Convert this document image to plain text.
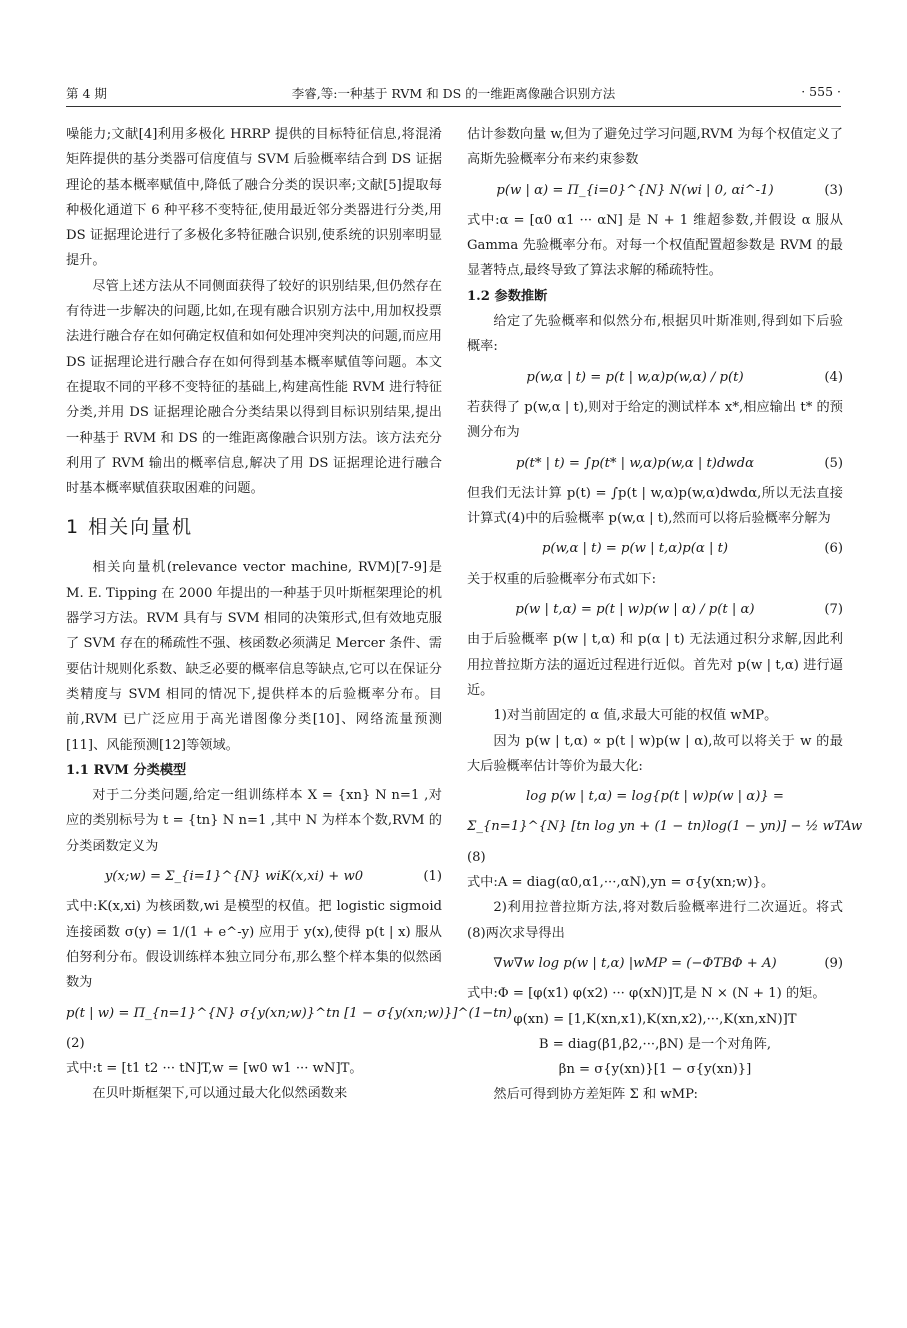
第 4 期	李睿,等:一种基于 RVM 和 DS 的一维距离像融合识别方法	· 555 ·

噪能力;文献[4]利用多极化 HRRP 提供的目标特征信息,将混淆矩阵提供的基分类器可信度值与 SVM 后验概率结合到 DS 证据理论的基本概率赋值中,降低了融合分类的误识率;文献[5]提取每种极化通道下 6 种平移不变特征,使用最近邻分类器进行分类,用 DS 证据理论进行了多极化多特征融合识别,使系统的识别率明显提升。

尽管上述方法从不同侧面获得了较好的识别结果,但仍然存在有待进一步解决的问题,比如,在现有融合识别方法中,用加权投票法进行融合存在如何确定权值和如何处理冲突判决的问题,而应用 DS 证据理论进行融合存在如何得到基本概率赋值等问题。本文在提取不同的平移不变特征的基础上,构建高性能 RVM 进行特征分类,并用 DS 证据理论融合分类结果以得到目标识别结果,提出一种基于 RVM 和 DS 的一维距离像融合识别方法。该方法充分利用了 RVM 输出的概率信息,解决了用 DS 证据理论进行融合时基本概率赋值获取困难的问题。

1 相关向量机

相关向量机(relevance vector machine, RVM)[7-9]是 M. E. Tipping 在 2000 年提出的一种基于贝叶斯框架理论的机器学习方法。RVM 具有与 SVM 相同的决策形式,但有效地克服了 SVM 存在的稀疏性不强、核函数必须满足 Mercer 条件、需要估计规则化系数、缺乏必要的概率信息等缺点,它可以在保证分类精度与 SVM 相同的情况下,提供样本的后验概率分布。目前,RVM 已广泛应用于高光谱图像分类[10]、网络流量预测[11]、风能预测[12]等领域。

1.1 RVM 分类模型

对于二分类问题,给定一组训练样本 X = {xn} N n=1 ,对应的类别标号为 t = {tn} N n=1 ,其中 N 为样本个数,RVM 的分类函数定义为

y(x;w) = Σ_{i=1}^{N} wiK(x,xi) + w0	(1)

式中:K(x,xi) 为核函数,wi 是模型的权值。把 logistic sigmoid 连接函数 σ(y) = 1/(1 + e^-y) 应用于 y(x),使得 p(t | x) 服从伯努利分布。假设训练样本独立同分布,那么整个样本集的似然函数为

p(t | w) = Π_{n=1}^{N} σ{y(xn;w)}^tn [1 − σ{y(xn;w)}]^(1−tn)

(2)

式中:t = [t1 t2 ··· tN]T,w = [w0 w1 ··· wN]T。

在贝叶斯框架下,可以通过最大化似然函数来

估计参数向量 w,但为了避免过学习问题,RVM 为每个权值定义了高斯先验概率分布来约束参数

p(w | α) = Π_{i=0}^{N} N(wi | 0, αi^-1)	(3)

式中:α = [α0 α1 ··· αN] 是 N + 1 维超参数,并假设 α 服从 Gamma 先验概率分布。对每一个权值配置超参数是 RVM 的最显著特点,最终导致了算法求解的稀疏特性。

1.2 参数推断

给定了先验概率和似然分布,根据贝叶斯准则,得到如下后验概率:

p(w,α | t) = p(t | w,α)p(w,α) / p(t)	(4)

若获得了 p(w,α | t),则对于给定的测试样本 x*,相应输出 t* 的预测分布为

p(t* | t) = ∫p(t* | w,α)p(w,α | t)dwdα	(5)

但我们无法计算 p(t) = ∫p(t | w,α)p(w,α)dwdα,所以无法直接计算式(4)中的后验概率 p(w,α | t),然而可以将后验概率分解为

p(w,α | t) = p(w | t,α)p(α | t)	(6)

关于权重的后验概率分布式如下:

p(w | t,α) = p(t | w)p(w | α) / p(t | α)	(7)

由于后验概率 p(w | t,α) 和 p(α | t) 无法通过积分求解,因此利用拉普拉斯方法的逼近过程进行近似。首先对 p(w | t,α) 进行逼近。

1)对当前固定的 α 值,求最大可能的权值 wMP。

因为 p(w | t,α) ∝ p(t | w)p(w | α),故可以将关于 w 的最大后验概率估计等价为最大化:

log p(w | t,α) = log{p(t | w)p(w | α)} =
Σ_{n=1}^{N} [tn log yn + (1 − tn)log(1 − yn)] − ½ wTAw

(8)

式中:A = diag(α0,α1,···,αN),yn = σ{y(xn;w)}。

2)利用拉普拉斯方法,将对数后验概率进行二次逼近。将式(8)两次求导得出

∇w∇w log p(w | t,α) |wMP = (−ΦTBΦ + A)	(9)

式中:Φ = [φ(x1) φ(x2) ··· φ(xN)]T,是 N × (N + 1) 的矩。

φ(xn) = [1,K(xn,x1),K(xn,x2),···,K(xn,xN)]T

B = diag(β1,β2,···,βN) 是一个对角阵,

βn = σ{y(xn)}[1 − σ{y(xn)}]

然后可得到协方差矩阵 Σ 和 wMP:
